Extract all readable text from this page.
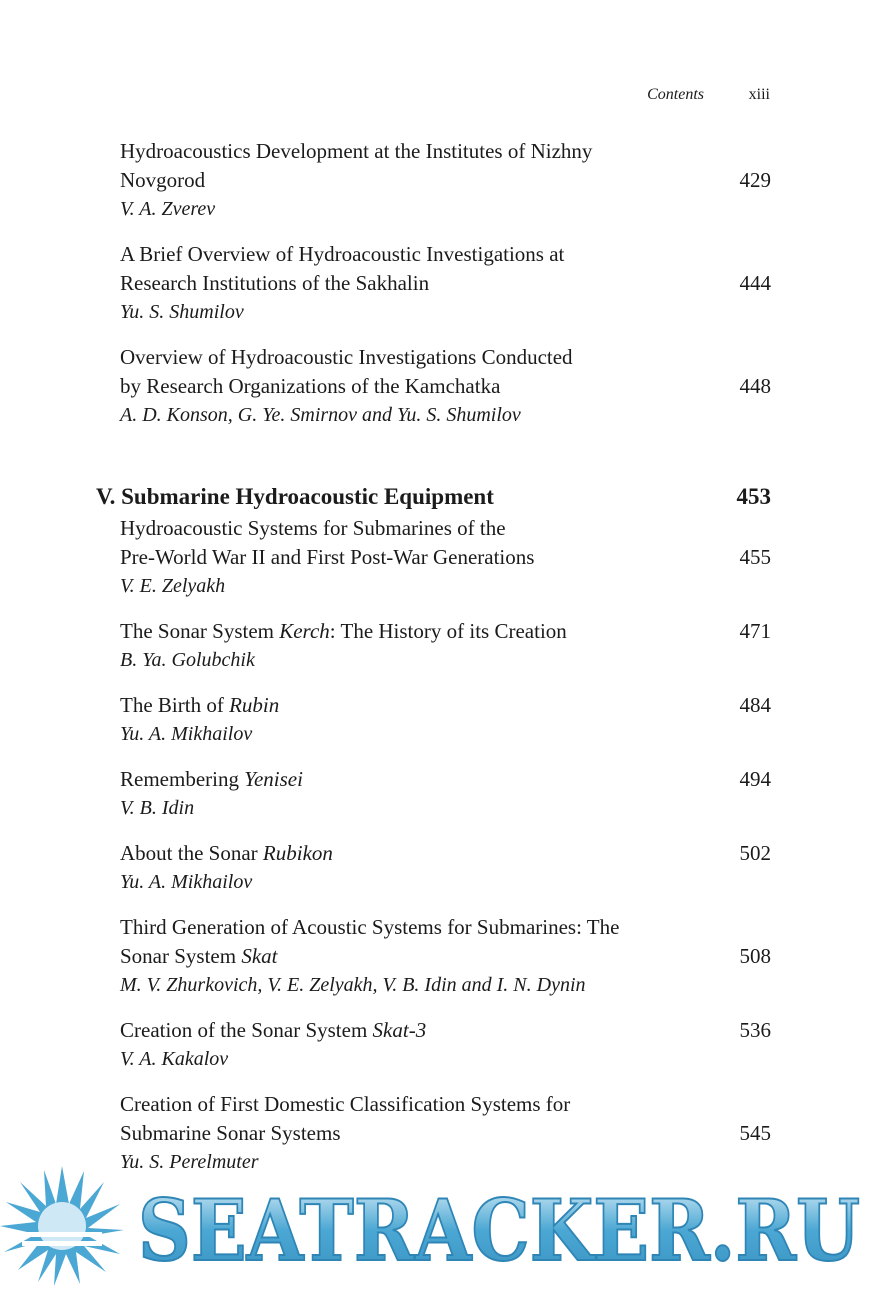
Contents	xiii
Hydroacoustics Development at the Institutes of Nizhny
Novgorod
V. A. Zverev
429
A Brief Overview of Hydroacoustic Investigations at
Research Institutions of the Sakhalin
Yu. S. Shumilov
444
Overview of Hydroacoustic Investigations Conducted
by Research Organizations of the Kamchatka
A. D. Konson, G. Ye. Smirnov and Yu. S. Shumilov
448
V. Submarine Hydroacoustic Equipment	453
Hydroacoustic Systems for Submarines of the
Pre-World War II and First Post-War Generations
V. E. Zelyakh
455
The Sonar System Kerch: The History of its Creation
B. Ya. Golubchik
471
The Birth of Rubin
Yu. A. Mikhailov
484
Remembering Yenisei
V. B. Idin
494
About the Sonar Rubikon
Yu. A. Mikhailov
502
Third Generation of Acoustic Systems for Submarines: The
Sonar System Skat
M. V. Zhurkovich, V. E. Zelyakh, V. B. Idin and I. N. Dynin
508
Creation of the Sonar System Skat-3
V. A. Kakalov
536
Creation of First Domestic Classification Systems for
Submarine Sonar Systems
Yu. S. Perelmuter
545
SEATRACKER.RU
